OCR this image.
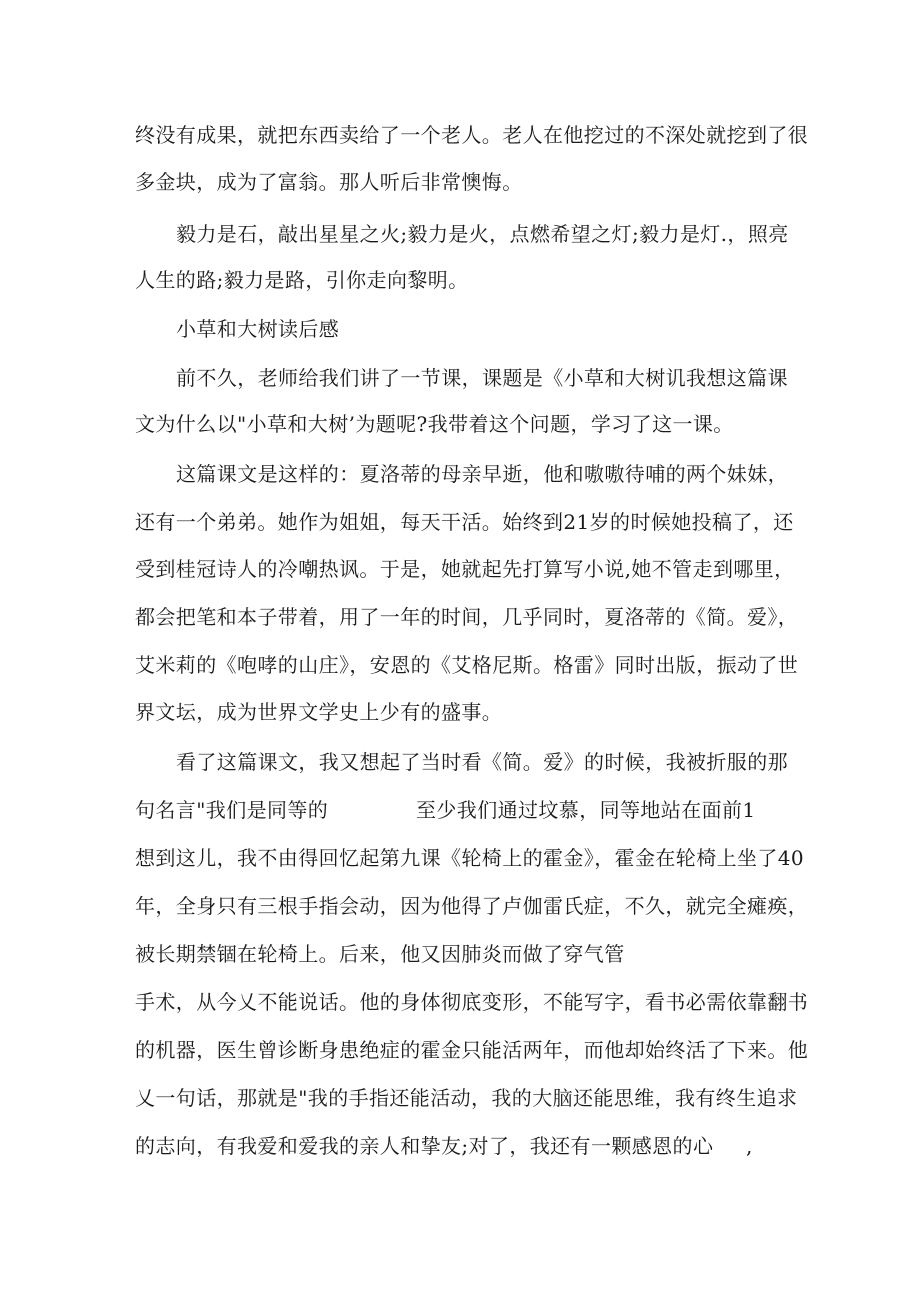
终没有成果，就把东西卖给了一个老人。老人在他挖过的不深处就挖到了很
多金块，成为了富翁。那人听后非常懊悔。
毅力是石，敲出星星之火;毅力是火，点燃希望之灯;毅力是灯.，照亮
人生的路;毅力是路，引你走向黎明。
小草和大树读后感
前不久，老师给我们讲了一节课，课题是《小草和大树讥我想这篇课
文为什么以"小草和大树’为题呢?我带着这个问题，学习了这一课。
这篇课文是这样的：夏洛蒂的母亲早逝，他和嗷嗷待哺的两个妹妹，
还有一个弟弟。她作为姐姐，每天干活。始终到21岁的时候她投稿了，还
受到桂冠诗人的冷嘲热讽。于是，她就起先打算写小说,她不管走到哪里，
都会把笔和本子带着，用了一年的时间，几乎同时，夏洛蒂的《简。爱》，
艾米莉的《咆哮的山庄》，安恩的《艾格尼斯。格雷》同时出版，振动了世
界文坛，成为世界文学史上少有的盛事。
看了这篇课文，我又想起了当时看《简。爱》的时候，我被折服的那
句名言"我们是同等的	至少我们通过坟慕，同等地站在面前1
想到这儿，我不由得回忆起第九课《轮椅上的霍金》，霍金在轮椅上坐了40
年，全身只有三根手指会动，因为他得了卢伽雷氏症，不久，就完全瘫痪，
被长期禁锢在轮椅上。后来，他又因肺炎而做了穿气管
手术，从今乂不能说话。他的身体彻底变形，不能写字，看书必需依靠翻书
的机器，医生曾诊断身患绝症的霍金只能活两年，而他却始终活了下来。他
乂一句话，那就是"我的手指还能活动，我的大脑还能思维，我有终生追求
的志向，有我爱和爱我的亲人和挚友;对了，我还有一颗感恩的心 ,
